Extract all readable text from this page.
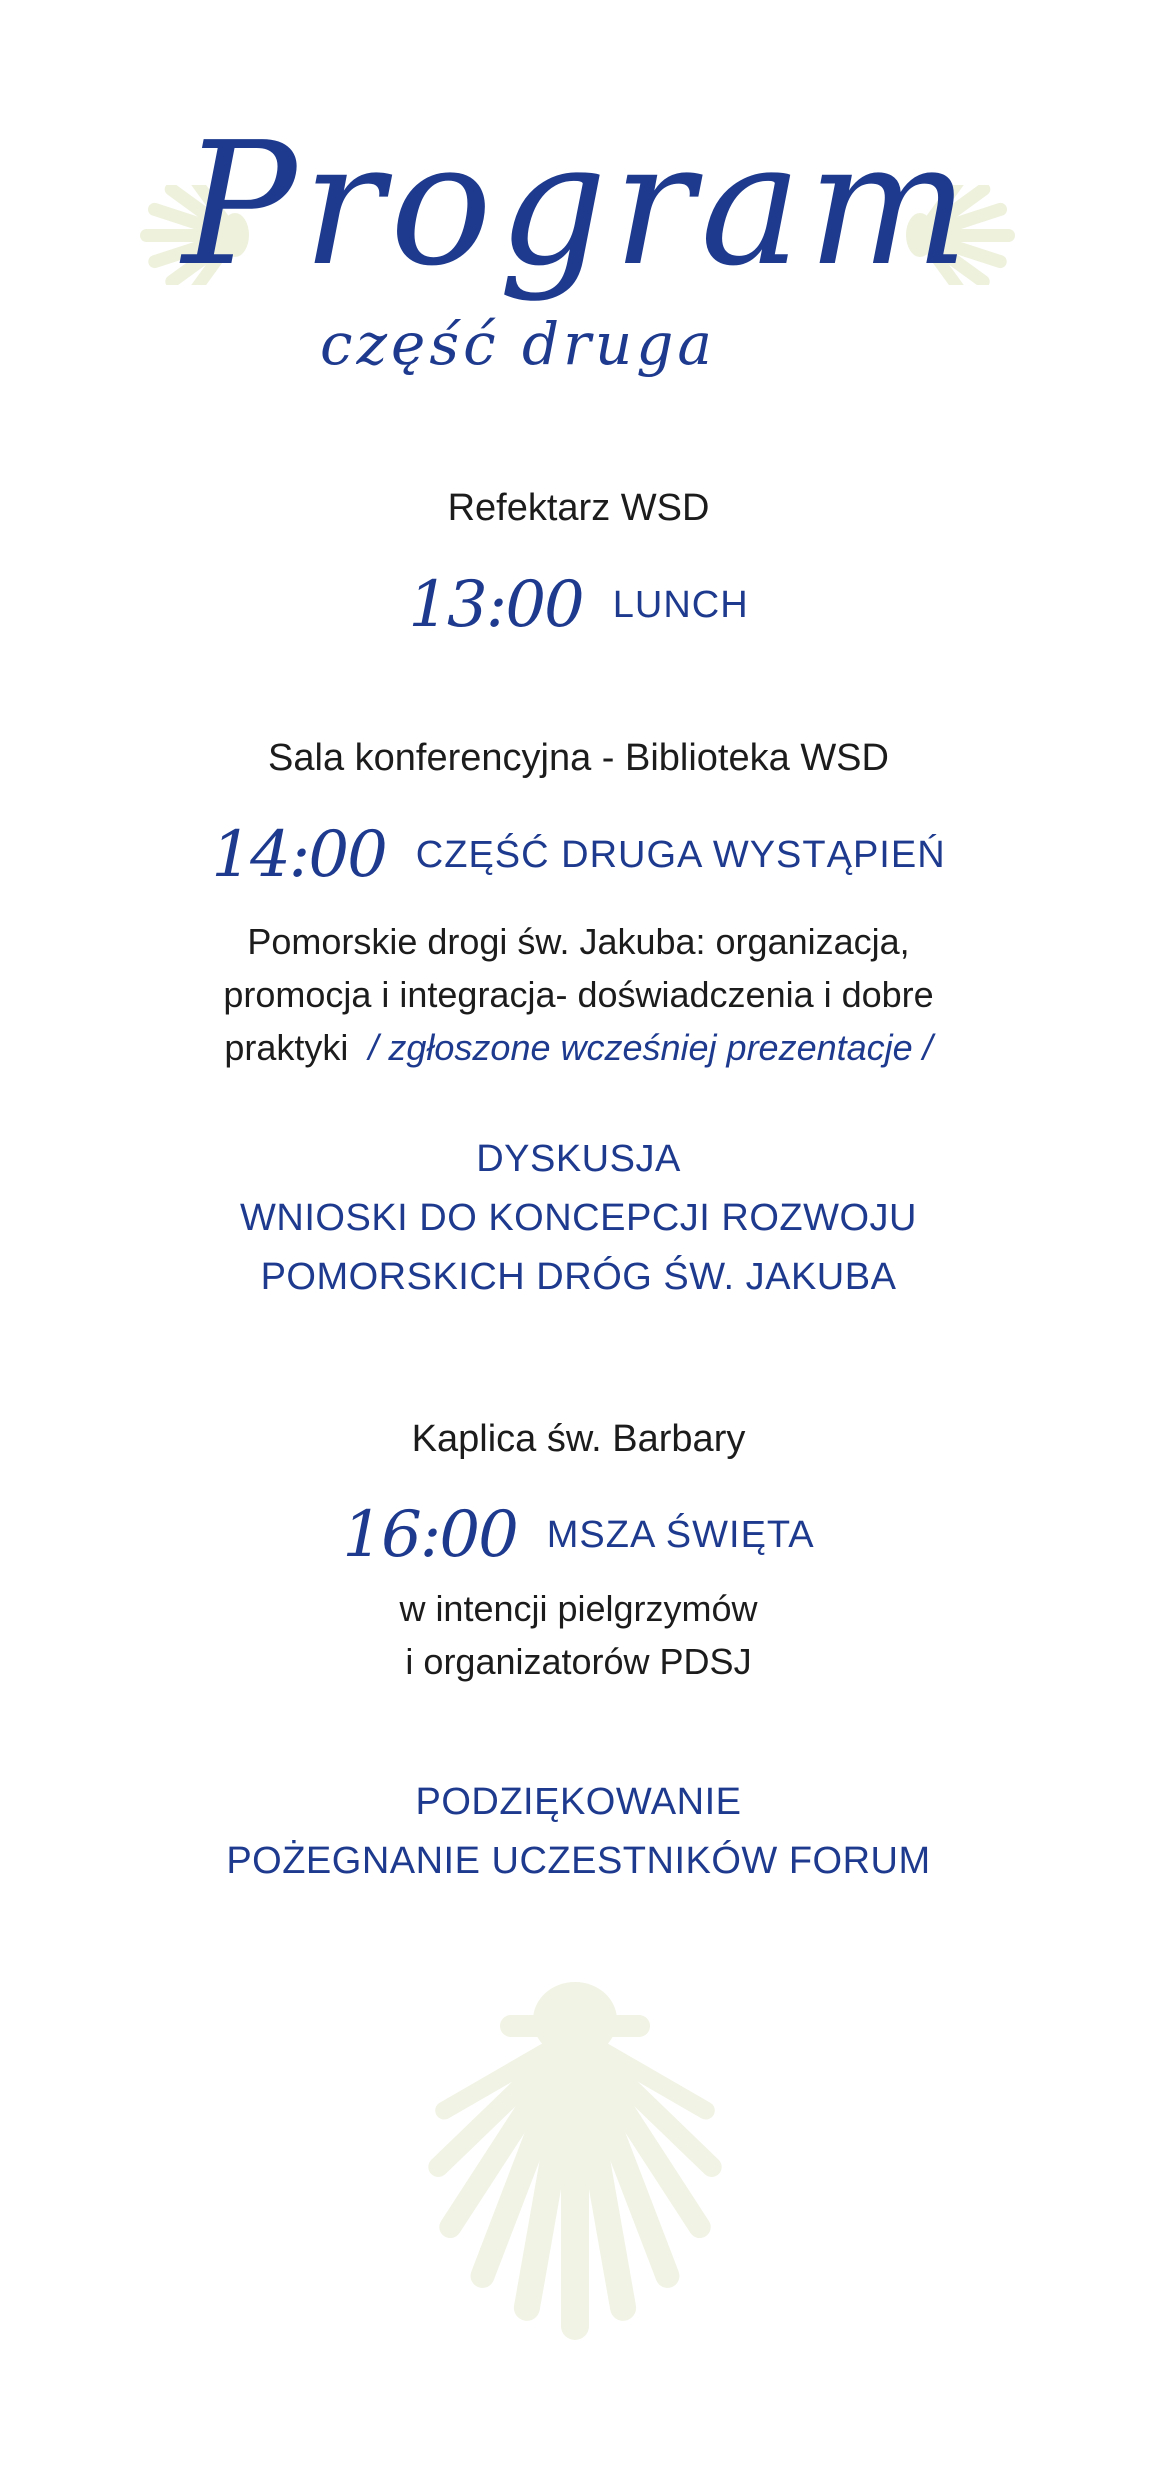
Program
część druga
Refektarz WSD
13:00 LUNCH
Sala konferencyjna - Biblioteka WSD
14:00 CZĘŚĆ DRUGA WYSTĄPIEŃ
Pomorskie drogi św. Jakuba: organizacja,
promocja i integracja- doświadczenia i dobre
praktyki / zgłoszone wcześniej prezentacje /
DYSKUSJA
WNIOSKI DO KONCEPCJI ROZWOJU
POMORSKICH DRÓG ŚW. JAKUBA
Kaplica św. Barbary
16:00 MSZA ŚWIĘTA
w intencji pielgrzymów
i organizatorów PDSJ
PODZIĘKOWANIE
POŻEGNANIE UCZESTNIKÓW FORUM
